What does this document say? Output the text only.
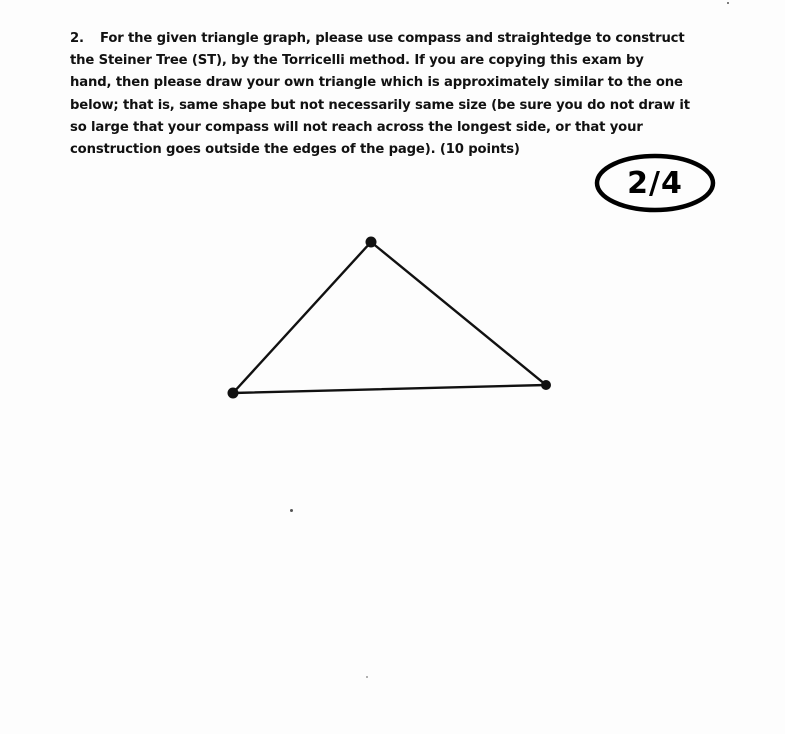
2. For the given triangle graph, please use compass and straightedge to construct
the Steiner Tree (ST), by the Torricelli method. If you are copying this exam by
hand, then please draw your own triangle which is approximately similar to the one
below; that is, same shape but not necessarily same size (be sure you do not draw it
so large that your compass will not reach across the longest side, or that your
construction goes outside the edges of the page). (10 points)
2/4
